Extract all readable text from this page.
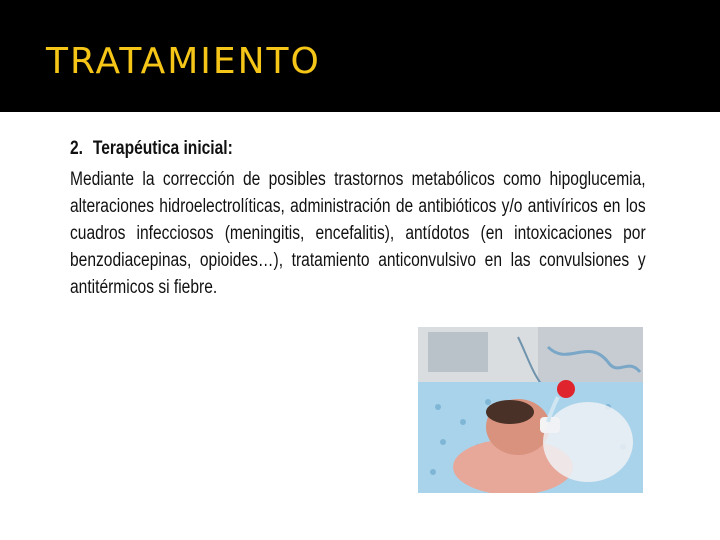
TRATAMIENTO
2. Terapéutica inicial:

Mediante la corrección de posibles trastornos metabólicos como hipoglucemia, alteraciones hidroelectrolíticas, administración de antibióticos y/o antivíricos en los cuadros infecciosos (meningitis, encefalitis), antídotos (en intoxicaciones por benzodiacepinas, opioides…), tratamiento anticonvulsivo en las convulsiones y antitérmicos si fiebre.
